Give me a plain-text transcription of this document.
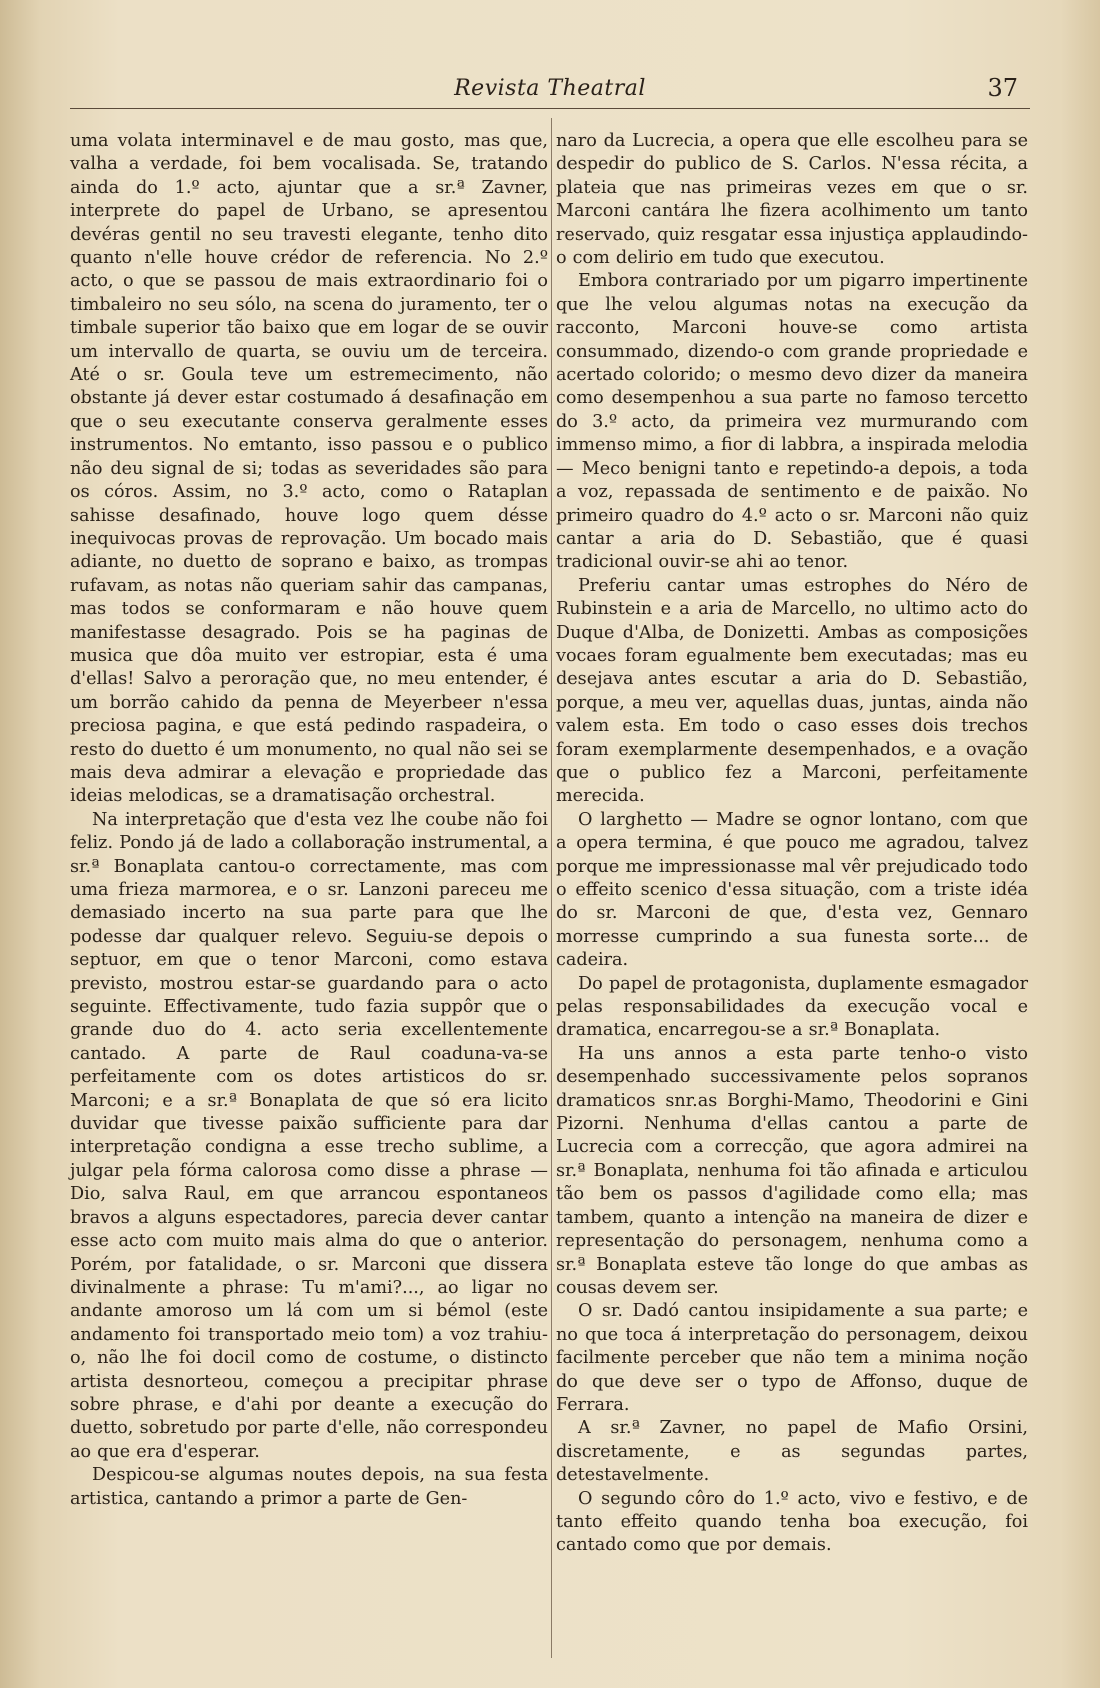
Revista Theatral	37

uma volata interminavel e de mau gosto, mas que, valha a verdade, foi bem vocalisada. Se, tratando ainda do 1.º acto, ajuntar que a sr.ª Zavner, interprete do papel de Urbano, se apresentou devéras gentil no seu travesti elegante, tenho dito quanto n'elle houve crédor de referencia. No 2.º acto, o que se passou de mais extraordinario foi o timbaleiro no seu sólo, na scena do juramento, ter o timbale superior tão baixo que em logar de se ouvir um intervallo de quarta, se ouviu um de terceira. Até o sr. Goula teve um estremecimento, não obstante já dever estar costumado á desafinação em que o seu executante conserva geralmente esses instrumentos. No emtanto, isso passou e o publico não deu signal de si; todas as severidades são para os córos. Assim, no 3.º acto, como o Rataplan sahisse desafinado, houve logo quem désse inequivocas provas de reprovação. Um bocado mais adiante, no duetto de soprano e baixo, as trompas rufavam, as notas não queriam sahir das campanas, mas todos se conformaram e não houve quem manifestasse desagrado. Pois se ha paginas de musica que dôa muito ver estropiar, esta é uma d'ellas! Salvo a peroração que, no meu entender, é um borrão cahido da penna de Meyerbeer n'essa preciosa pagina, e que está pedindo raspadeira, o resto do duetto é um monumento, no qual não sei se mais deva admirar a elevação e propriedade das ideias melodicas, se a dramatisação orchestral.

Na interpretação que d'esta vez lhe coube não foi feliz. Pondo já de lado a collaboração instrumental, a sr.ª Bonaplata cantou-o correctamente, mas com uma frieza marmorea, e o sr. Lanzoni pareceu me demasiado incerto na sua parte para que lhe podesse dar qualquer relevo. Seguiu-se depois o septuor, em que o tenor Marconi, como estava previsto, mostrou estar-se guardando para o acto seguinte. Effectivamente, tudo fazia suppôr que o grande duo do 4. acto seria excellentemente cantado. A parte de Raul coaduna-va-se perfeitamente com os dotes artisticos do sr. Marconi; e a sr.ª Bonaplata de que só era licito duvidar que tivesse paixão sufficiente para dar interpretação condigna a esse trecho sublime, a julgar pela fórma calorosa como disse a phrase — Dio, salva Raul, em que arrancou espontaneos bravos a alguns espectadores, parecia dever cantar esse acto com muito mais alma do que o anterior. Porém, por fatalidade, o sr. Marconi que dissera divinalmente a phrase: Tu m'ami?..., ao ligar no andante amoroso um lá com um si bémol (este andamento foi transportado meio tom) a voz trahiu-o, não lhe foi docil como de costume, o distincto artista desnorteou, começou a precipitar phrase sobre phrase, e d'ahi por deante a execução do duetto, sobretudo por parte d'elle, não correspondeu ao que era d'esperar.

Despicou-se algumas noutes depois, na sua festa artistica, cantando a primor a parte de Gen-

naro da Lucrecia, a opera que elle escolheu para se despedir do publico de S. Carlos. N'essa récita, a plateia que nas primeiras vezes em que o sr. Marconi cantára lhe fizera acolhimento um tanto reservado, quiz resgatar essa injustiça applaudindo-o com delirio em tudo que executou.

Embora contrariado por um pigarro impertinente que lhe velou algumas notas na execução da racconto, Marconi houve-se como artista consummado, dizendo-o com grande propriedade e acertado colorido; o mesmo devo dizer da maneira como desempenhou a sua parte no famoso tercetto do 3.º acto, da primeira vez murmurando com immenso mimo, a fior di labbra, a inspirada melodia — Meco benigni tanto e repetindo-a depois, a toda a voz, repassada de sentimento e de paixão. No primeiro quadro do 4.º acto o sr. Marconi não quiz cantar a aria do D. Sebastião, que é quasi tradicional ouvir-se ahi ao tenor.

Preferiu cantar umas estrophes do Néro de Rubinstein e a aria de Marcello, no ultimo acto do Duque d'Alba, de Donizetti. Ambas as composições vocaes foram egualmente bem executadas; mas eu desejava antes escutar a aria do D. Sebastião, porque, a meu ver, aquellas duas, juntas, ainda não valem esta. Em todo o caso esses dois trechos foram exemplarmente desempenhados, e a ovação que o publico fez a Marconi, perfeitamente merecida.

O larghetto — Madre se ognor lontano, com que a opera termina, é que pouco me agradou, talvez porque me impressionasse mal vêr prejudicado todo o effeito scenico d'essa situação, com a triste idéa do sr. Marconi de que, d'esta vez, Gennaro morresse cumprindo a sua funesta sorte... de cadeira.

Do papel de protagonista, duplamente esmagador pelas responsabilidades da execução vocal e dramatica, encarregou-se a sr.ª Bonaplata.

Ha uns annos a esta parte tenho-o visto desempenhado successivamente pelos sopranos dramaticos snr.as Borghi-Mamo, Theodorini e Gini Pizorni. Nenhuma d'ellas cantou a parte de Lucrecia com a correcção, que agora admirei na sr.ª Bonaplata, nenhuma foi tão afinada e articulou tão bem os passos d'agilidade como ella; mas tambem, quanto a intenção na maneira de dizer e representação do personagem, nenhuma como a sr.ª Bonaplata esteve tão longe do que ambas as cousas devem ser.

O sr. Dadó cantou insipidamente a sua parte; e no que toca á interpretação do personagem, deixou facilmente perceber que não tem a minima noção do que deve ser o typo de Affonso, duque de Ferrara.

A sr.ª Zavner, no papel de Mafio Orsini, discretamente, e as segundas partes, detestavelmente.

O segundo côro do 1.º acto, vivo e festivo, e de tanto effeito quando tenha boa execução, foi cantado como que por demais.
